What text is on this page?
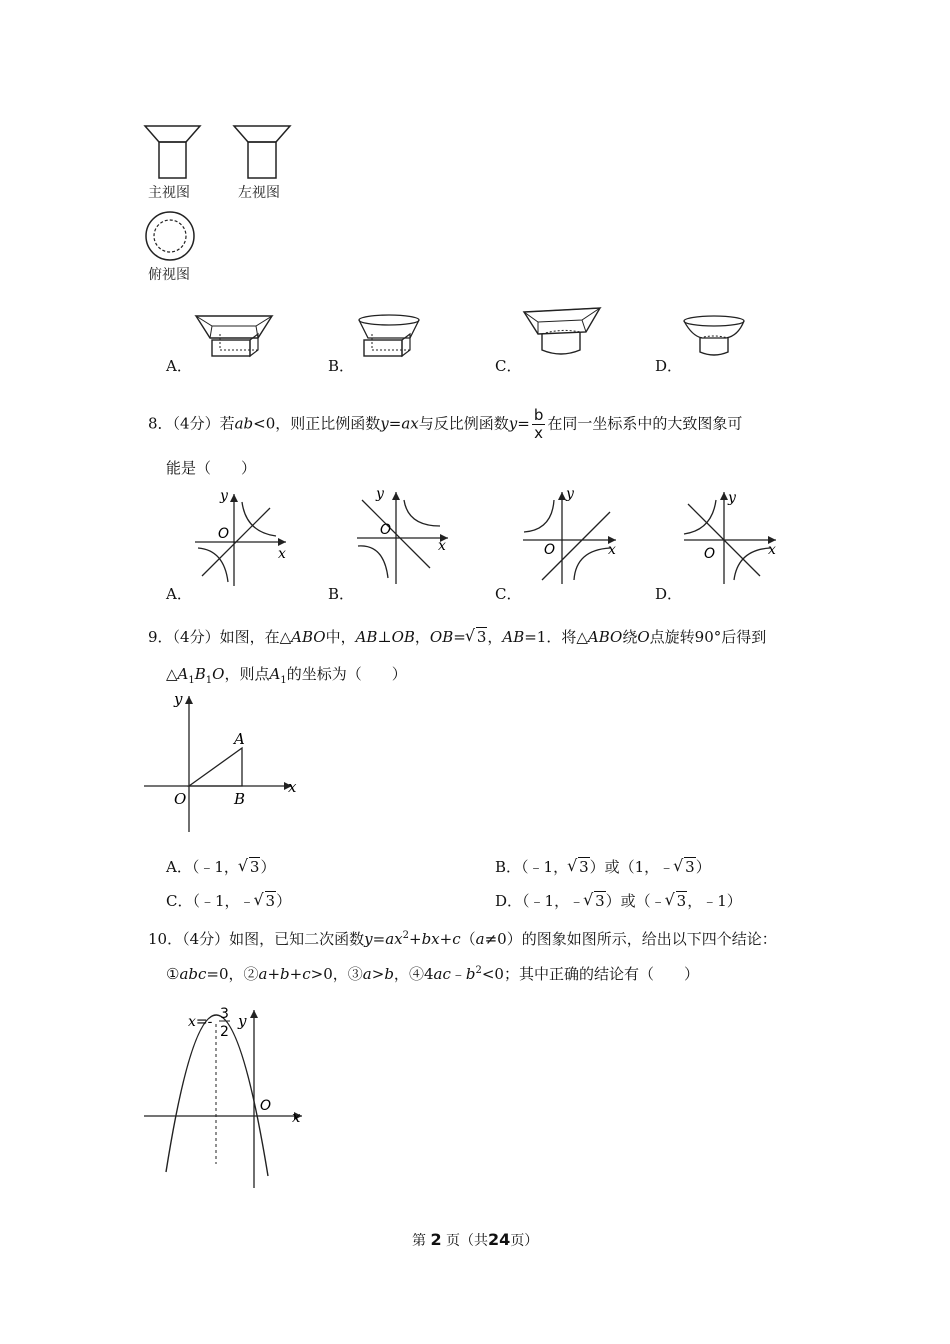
主视图	左视图
俯视图
A．	B．	C．	D．
8．（4分）若ab<0，则正比例函数y=ax与反比例函数$y= \frac{b}{x}$ 在同一坐标系中的大致图象可
能是（　　）
y
x
O
A．
y
x
O
B．
y
x
O
C．
y
x
O
D．
9．（4分）如图，在△ABO中，AB⊥OB，OB= √ 3，AB=1．将△ABO绕O点旋转90°后得到
$\triangle A_1B_1O$，则点$A_1$的坐标为（　　）
y
x
O
A
B
A．（﹣1， √ 3）	B．（﹣1， √ 3）或（1，﹣ √ 3）
C．（﹣1，﹣ √ 3）	D．（﹣1，﹣ √ 3）或（﹣ √ 3，﹣1）
10．（4分）如图，已知二次函数$y=ax^2+bx+c(a\ne 0)$的图象如图所示，给出以下四个结论：
①abc=0，②a+b+c>0，③a>b，$④4ac﹣b^2<0$；其中正确的结论有（　　）
x=- 3
2
y
O
x
第 2 页（共24页）
